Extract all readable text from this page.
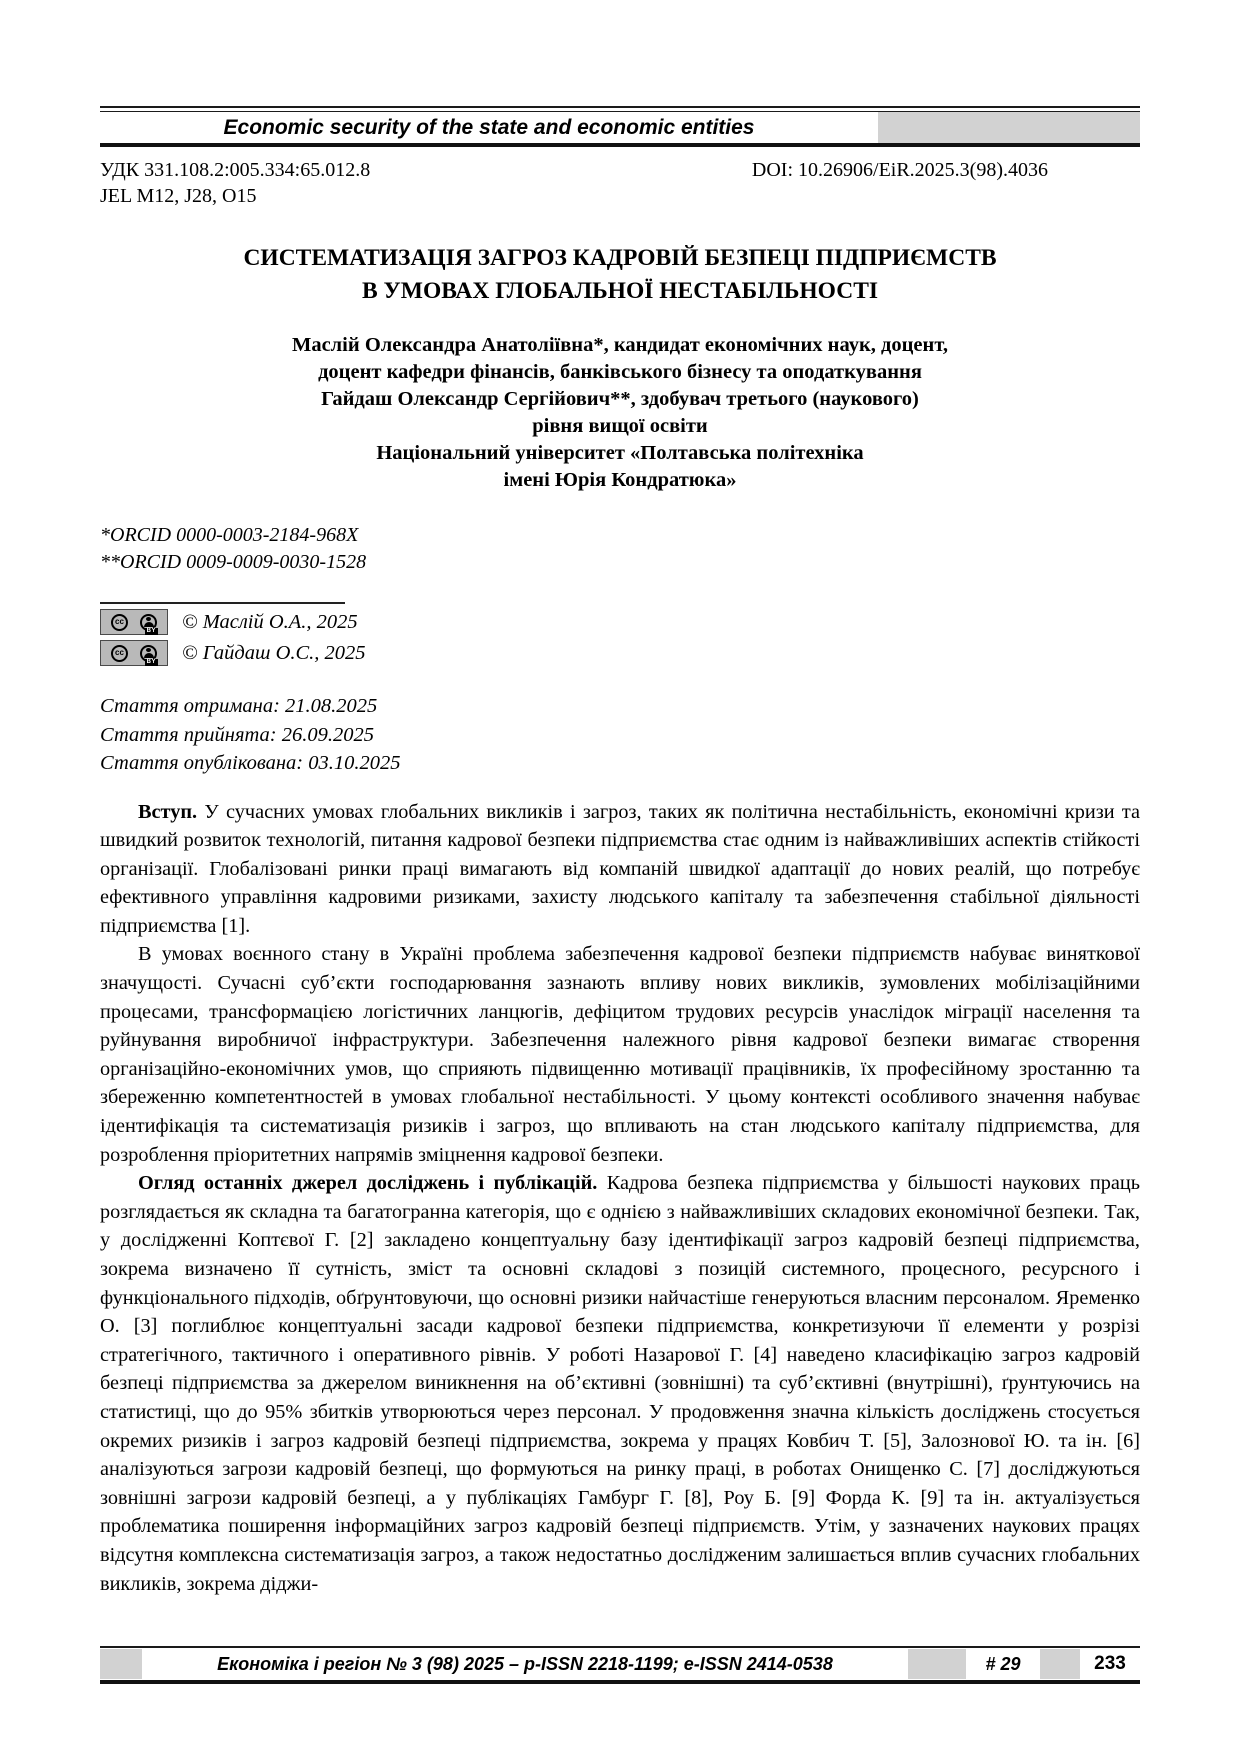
Economic security of the state and economic entities
УДК 331.108.2:005.334:65.012.8	DOI: 10.26906/EiR.2025.3(98).4036
JEL M12, J28, O15
СИСТЕМАТИЗАЦІЯ ЗАГРОЗ КАДРОВІЙ БЕЗПЕЦІ ПІДПРИЄМСТВ
В УМОВАХ ГЛОБАЛЬНОЇ НЕСТАБІЛЬНОСТІ
Маслій Олександра Анатоліївна*, кандидат економічних наук, доцент,
доцент кафедри фінансів, банківського бізнесу та оподаткування
Гайдаш Олександр Сергійович**, здобувач третього (наукового)
рівня вищої освіти
Національний університет «Полтавська політехніка
імені Юрія Кондратюка»
*ORCID 0000-0003-2184-968X
**ORCID 0009-0009-0030-1528
cc
BY © Маслій О.А., 2025
cc
BY © Гайдаш О.С., 2025
Стаття отримана: 21.08.2025
Стаття прийнята: 26.09.2025
Стаття опублікована: 03.10.2025

Вступ. У сучасних умовах глобальних викликів і загроз, таких як політична нестабільність, економічні кризи та швидкий розвиток технологій, питання кадрової безпеки підприємства стає одним із найважливіших аспектів стійкості організації. Глобалізовані ринки праці вимагають від компаній швидкої адаптації до нових реалій, що потребує ефективного управління кадровими ризиками, захисту людського капіталу та забезпечення стабільної діяльності підприємства [1].

В умовах воєнного стану в Україні проблема забезпечення кадрової безпеки підприємств набуває виняткової значущості. Сучасні суб’єкти господарювання зазнають впливу нових викликів, зумовлених мобілізаційними процесами, трансформацією логістичних ланцюгів, дефіцитом трудових ресурсів унаслідок міграції населення та руйнування виробничої інфраструктури. Забезпечення належного рівня кадрової безпеки вимагає створення організаційно-економічних умов, що сприяють підвищенню мотивації працівників, їх професійному зростанню та збереженню компетентностей в умовах глобальної нестабільності. У цьому контексті особливого значення набуває ідентифікація та систематизація ризиків і загроз, що впливають на стан людського капіталу підприємства, для розроблення пріоритетних напрямів зміцнення кадрової безпеки.

Огляд останніх джерел досліджень і публікацій. Кадрова безпека підприємства у більшості наукових праць розглядається як складна та багатогранна категорія, що є однією з найважливіших складових економічної безпеки. Так, у дослідженні Коптєвої Г. [2] закладено концептуальну базу ідентифікації загроз кадровій безпеці підприємства, зокрема визначено її сутність, зміст та основні складові з позицій системного, процесного, ресурсного і функціонального підходів, обґрунтовуючи, що основні ризики найчастіше генеруються власним персоналом. Яременко О. [3] поглиблює концептуальні засади кадрової безпеки підприємства, конкретизуючи її елементи у розрізі стратегічного, тактичного і оперативного рівнів. У роботі Назарової Г. [4] наведено класифікацію загроз кадровій безпеці підприємства за джерелом виникнення на об’єктивні (зовнішні) та суб’єктивні (внутрішні), ґрунтуючись на статистиці, що до 95% збитків утворюються через персонал. У продовження значна кількість досліджень стосується окремих ризиків і загроз кадровій безпеці підприємства, зокрема у працях Ковбич Т. [5], Залознової Ю. та ін. [6] аналізуються загрози кадровій безпеці, що формуються на ринку праці, в роботах Онищенко С. [7] досліджуються зовнішні загрози кадровій безпеці, а у публікаціях Гамбург Г. [8], Роу Б. [9] Форда К. [9] та ін. актуалізується проблематика поширення інформаційних загроз кадровій безпеці підприємств. Утім, у зазначених наукових працях відсутня комплексна систематизація загроз, а також недостатньо дослідженим залишається вплив сучасних глобальних викликів, зокрема діджи-

Економіка і регіон № 3 (98) 2025 – p-ISSN 2218-1199; e-ISSN 2414-0538	# 29	233
